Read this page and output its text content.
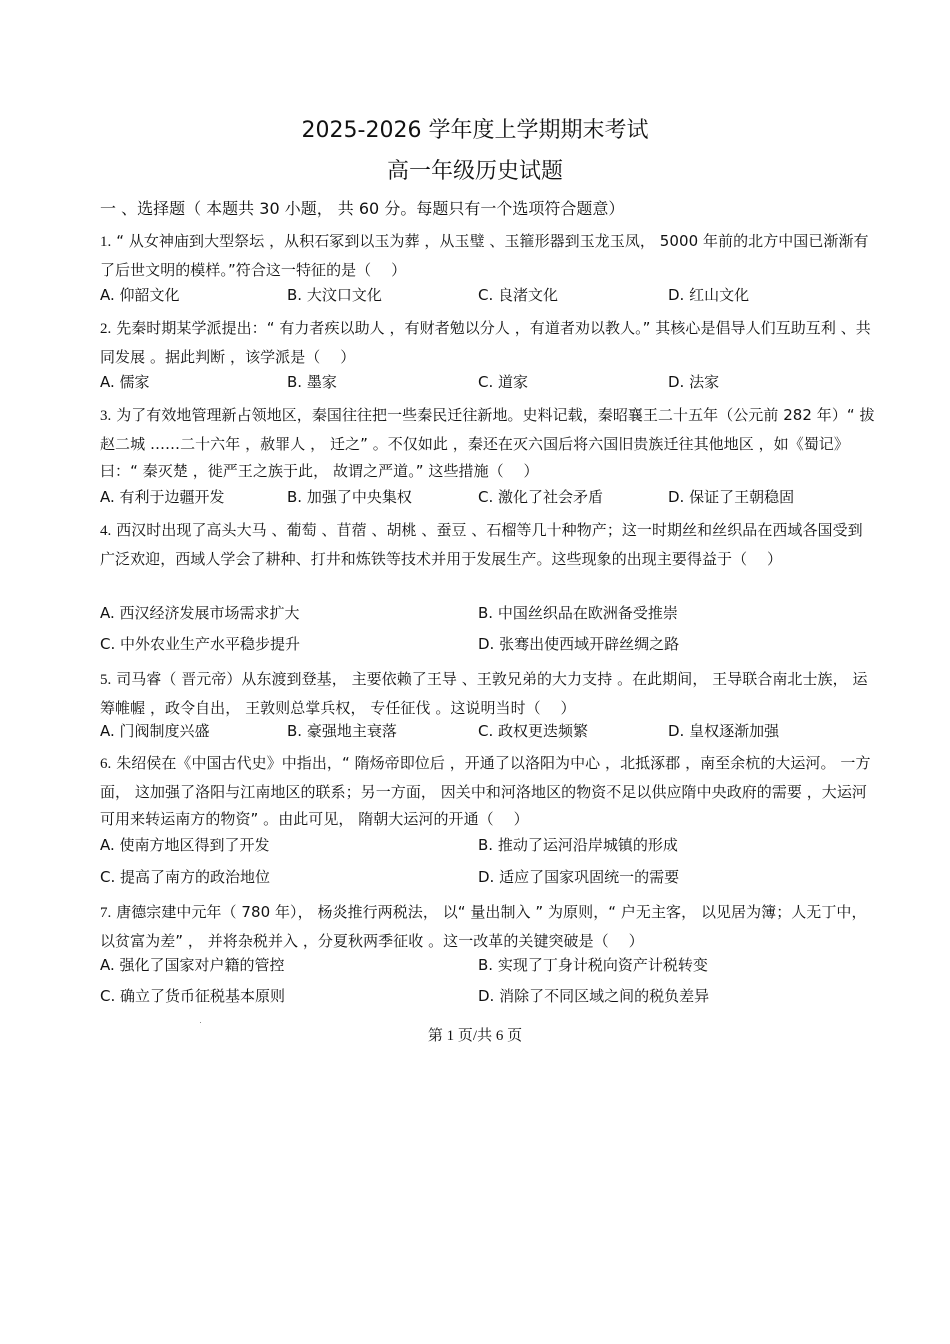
2025-2026 学年度上学期期末考试
高一年级历史试题
一 、选择题（ 本题共 30 小题， 共 60 分。每题只有一个选项符合题意）
1. “ 从女神庙到大型祭坛 ，从积石冢到以玉为葬 ，从玉璧 、玉箍形器到玉龙玉凤， 5000 年前的北方中国已渐渐有了后世文明的模样。”符合这一特征的是（　 ）
A. 仰韶文化	B. 大汶口文化	C. 良渚文化	D. 红山文化
2. 先秦时期某学派提出：“ 有力者疾以助人 ，有财者勉以分人 ，有道者劝以教人。” 其核心是倡导人们互助互利 、共同发展 。据此判断 ，该学派是（　 ）
A. 儒家	B. 墨家	C. 道家	D. 法家
3. 为了有效地管理新占领地区，秦国往往把一些秦民迁往新地。史料记载，秦昭襄王二十五年（公元前 282 年）“ 拔赵二城 ……二十六年 ，赦罪人 ， 迁之” 。不仅如此 ，秦还在灭六国后将六国旧贵族迁往其他地区 ，如《蜀记》 曰：“ 秦灭楚 ，徙严王之族于此， 故谓之严道。” 这些措施（　 ）
A. 有利于边疆开发	B. 加强了中央集权	C. 激化了社会矛盾	D. 保证了王朝稳固
4. 西汉时出现了高头大马 、葡萄 、苜蓿 、胡桃 、蚕豆 、石榴等几十种物产；这一时期丝和丝织品在西域各国受到广泛欢迎，西域人学会了耕种、打井和炼铁等技术并用于发展生产。这些现象的出现主要得益于（　 ）
A. 西汉经济发展市场需求扩大	B. 中国丝织品在欧洲备受推崇
C. 中外农业生产水平稳步提升	D. 张骞出使西域开辟丝绸之路
5. 司马睿（ 晋元帝）从东渡到登基， 主要依赖了王导 、王敦兄弟的大力支持 。在此期间， 王导联合南北士族， 运筹帷幄 ，政令自出， 王敦则总掌兵权， 专任征伐 。这说明当时（　 ）
A. 门阀制度兴盛	B. 豪强地主衰落	C. 政权更迭频繁	D. 皇权逐渐加强
6. 朱绍侯在《中国古代史》中指出，“ 隋炀帝即位后 ，开通了以洛阳为中心 ，北抵涿郡 ，南至余杭的大运河。 一方面， 这加强了洛阳与江南地区的联系；另一方面， 因关中和河洛地区的物资不足以供应隋中央政府的需要 ，大运河可用来转运南方的物资” 。由此可见， 隋朝大运河的开通（　 ）
A. 使南方地区得到了开发	B. 推动了运河沿岸城镇的形成
C. 提高了南方的政治地位	D. 适应了国家巩固统一的需要
7. 唐德宗建中元年（ 780 年）， 杨炎推行两税法， 以“ 量出制入 ” 为原则，“ 户无主客， 以见居为簿；人无丁中， 以贫富为差” ， 并将杂税并入 ，分夏秋两季征收 。这一改革的关键突破是（　 ）
A. 强化了国家对户籍的管控	B. 实现了丁身计税向资产计税转变
C. 确立了货币征税基本原则	D. 消除了不同区域之间的税负差异
第 1 页/共 6 页
